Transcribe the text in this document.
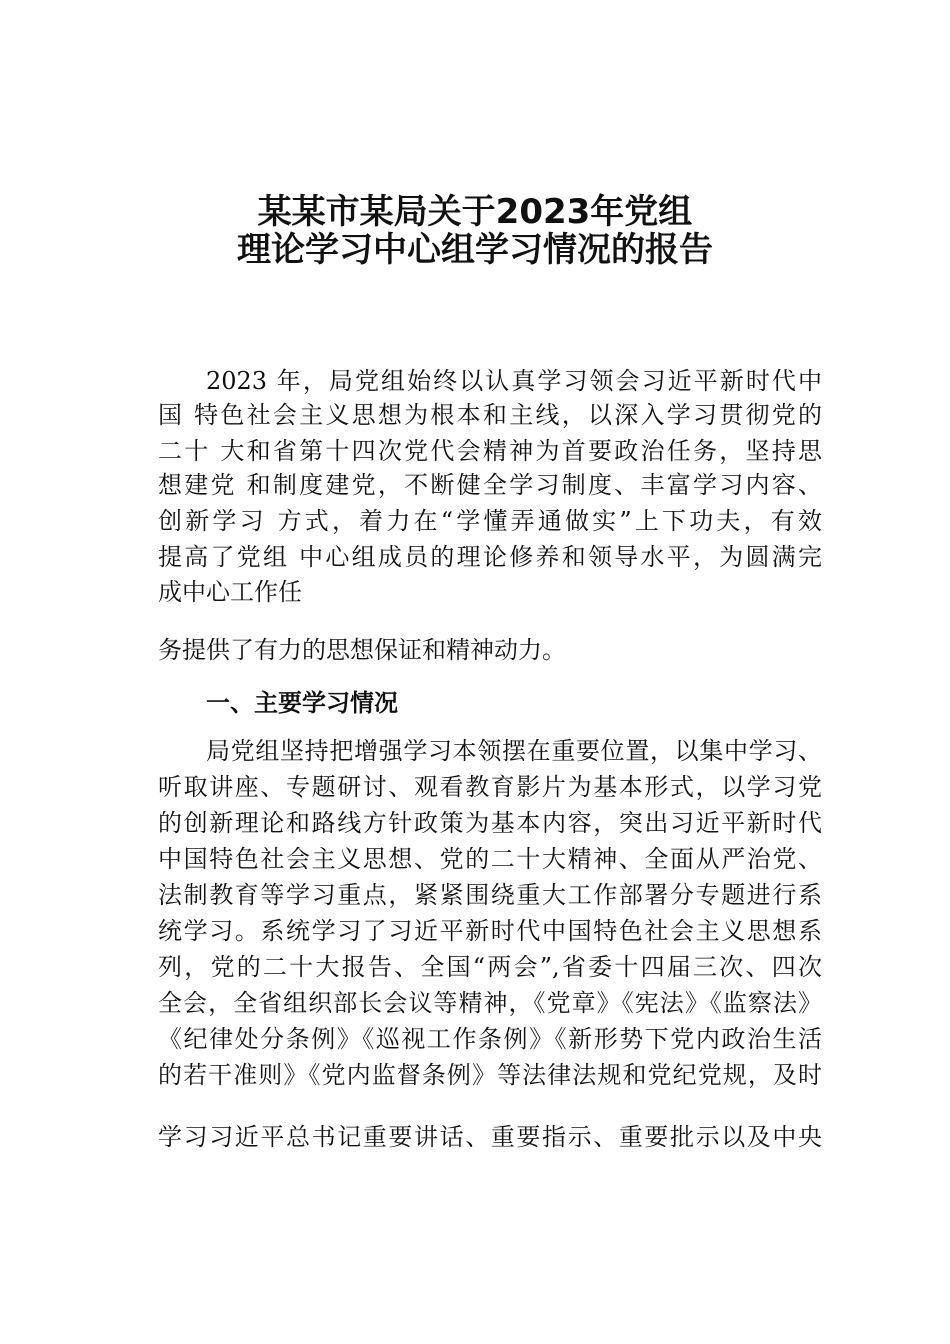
某某市某局关于2023年党组
理论学习中心组学习情况的报告

2023 年，局党组始终以认真学习领会习近平新时代中

国 特色社会主义思想为根本和主线，以深入学习贯彻党的

二十 大和省第十四次党代会精神为首要政治任务，坚持思

想建党 和制度建党，不断健全学习制度、丰富学习内容、

创新学习 方式，着力在“学懂弄通做实”上下功夫，有效

提高了党组 中心组成员的理论修养和领导水平，为圆满完

成中心工作任

务提供了有力的思想保证和精神动力。

一、主要学习情况

局党组坚持把增强学习本领摆在重要位置，以集中学习、

听取讲座、专题研讨、观看教育影片为基本形式，以学习党

的创新理论和路线方针政策为基本内容，突出习近平新时代

中国特色社会主义思想、党的二十大精神、全面从严治党、

法制教育等学习重点，紧紧围绕重大工作部署分专题进行系

统学习。系统学习了习近平新时代中国特色社会主义思想系

列，党的二十大报告、全国“两会”,省委十四届三次、四次

全会，全省组织部长会议等精神，《党章》《宪法》《监察法》

《纪律处分条例》《巡视工作条例》《新形势下党内政治生活

的若干准则》《党内监督条例》等法律法规和党纪党规，及时

学习习近平总书记重要讲话、重要指示、重要批示以及中央
